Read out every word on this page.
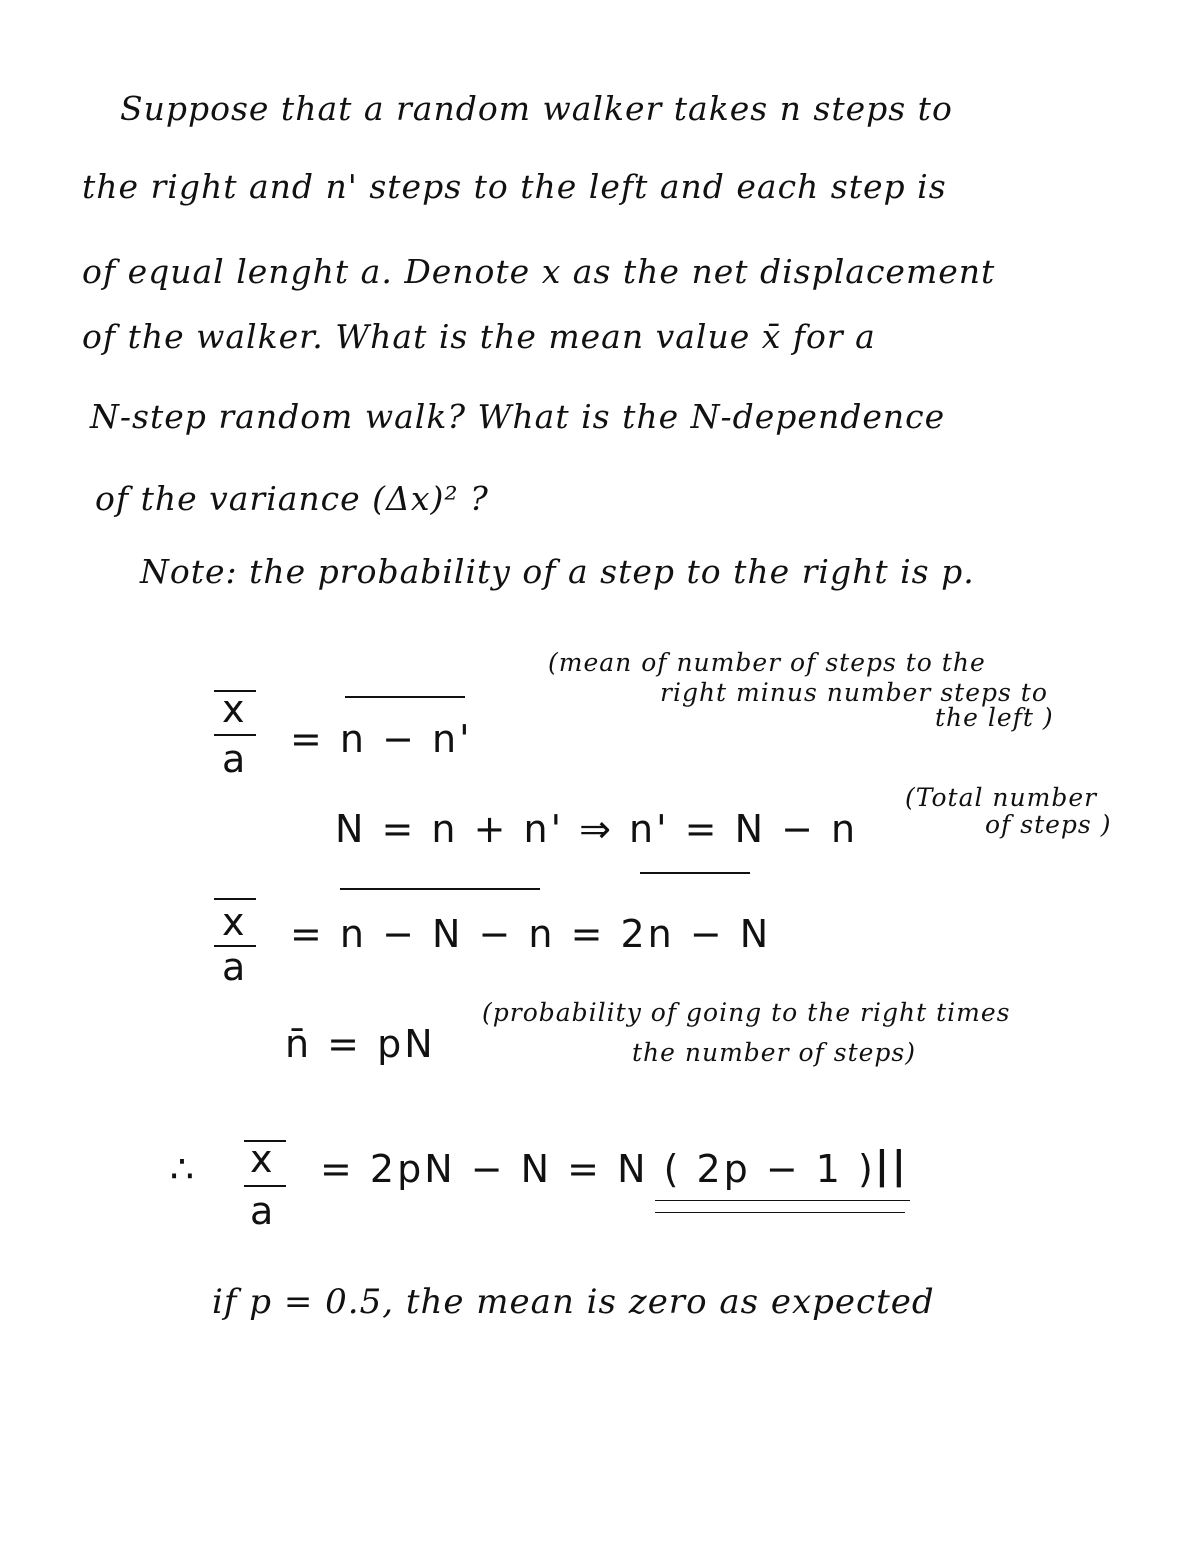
Suppose that a random walker takes n steps to
the right and n' steps to the left and each step is
of equal lenght a. Denote x as the net displacement
of the walker. What is the mean value x̄ for a
N-step random walk? What is the N-dependence
of the variance (Δx)² ?
Note: the probability of a step to the right is p.
x
a = n − n'
(mean of number of steps to the
right minus number steps to
the left )
N = n + n' ⇒ n' = N − n
(Total number
of steps )
x
a
= n − N − n = 2n − N
n̄ = pN
(probability of going to the right times
the number of steps)
∴ x
a
= 2pN − N = N ( 2p − 1 ) ||
if p = 0.5, the mean is zero as expected
